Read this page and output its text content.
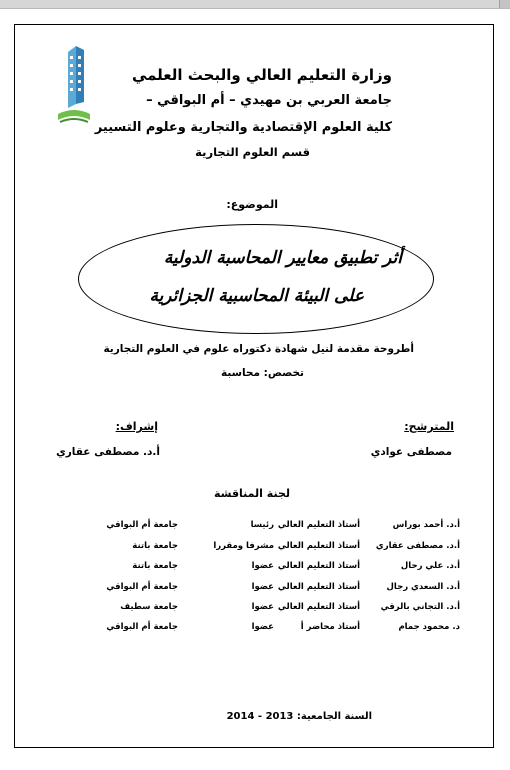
وزارة التعليم العالي والبحث العلمي
جامعة العربي بن مهيدي – أم البواقي –
كلية العلوم الإقتصادية والتجارية وعلوم التسيير
قسم العلوم التجارية
الموضوع:
أثر تطبيق معايير المحاسبة الدولية
على البيئة المحاسبية الجزائرية
أطروحة مقدمة لنيل شهادة دكتوراه علوم في العلوم التجارية
تخصص: محاسبة
المترشح:
مصطفى عوادي
إشراف:
أ.د. مصطفى عقاري
لجنة المناقشة
أ.د. أحمد بوراس
أستاذ التعليم العالي
رئيسا
جامعة أم البواقي
أ.د. مصطفى عقاري
أستاذ التعليم العالي
مشرفا ومقررا
جامعة باتنة
أ.د. علي رحال
أستاذ التعليم العالي
عضوا
جامعة باتنة
أ.د. السعدي رجال
أستاذ التعليم العالي
عضوا
جامعة أم البواقي
أ.د. التجاني بالرقي
أستاذ التعليم العالي
عضوا
جامعة سطيف
د. محمود جمام
أستاذ محاضر أ
عضوا
جامعة أم البواقي
السنة الجامعية: 2013 - 2014
